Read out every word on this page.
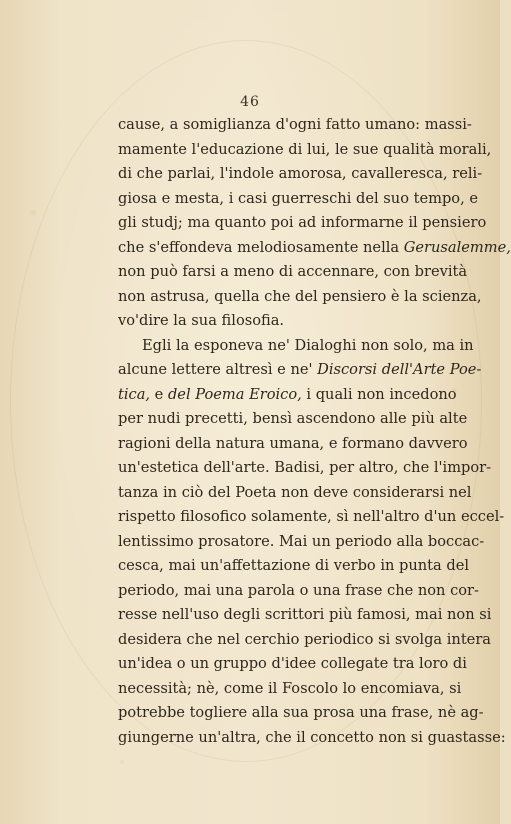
46
cause, a somiglianza d'ogni fatto umano: massi-
mamente l'educazione di lui, le sue qualità morali,
di che parlai, l'indole amorosa, cavalleresca, reli-
giosa e mesta, i casi guerreschi del suo tempo, e
gli studj; ma quanto poi ad informarne il pensiero
che s'effondeva melodiosamente nella Gerusalemme,
non può farsi a meno di accennare, con brevità
non astrusa, quella che del pensiero è la scienza,
vo'dire la sua filosofia.
Egli la esponeva ne' Dialoghi non solo, ma in
alcune lettere altresì e ne' Discorsi dell'Arte Poe-
tica, e del Poema Eroico, i quali non incedono
per nudi precetti, bensì ascendono alle più alte
ragioni della natura umana, e formano davvero
un'estetica dell'arte. Badisi, per altro, che l'impor-
tanza in ciò del Poeta non deve considerarsi nel
rispetto filosofico solamente, sì nell'altro d'un eccel-
lentissimo prosatore. Mai un periodo alla boccac-
cesca, mai un'affettazione di verbo in punta del
periodo, mai una parola o una frase che non cor-
resse nell'uso degli scrittori più famosi, mai non si
desidera che nel cerchio periodico si svolga intera
un'idea o un gruppo d'idee collegate tra loro di
necessità; nè, come il Foscolo lo encomiava, si
potrebbe togliere alla sua prosa una frase, nè ag-
giungerne un'altra, che il concetto non si guastasse:
